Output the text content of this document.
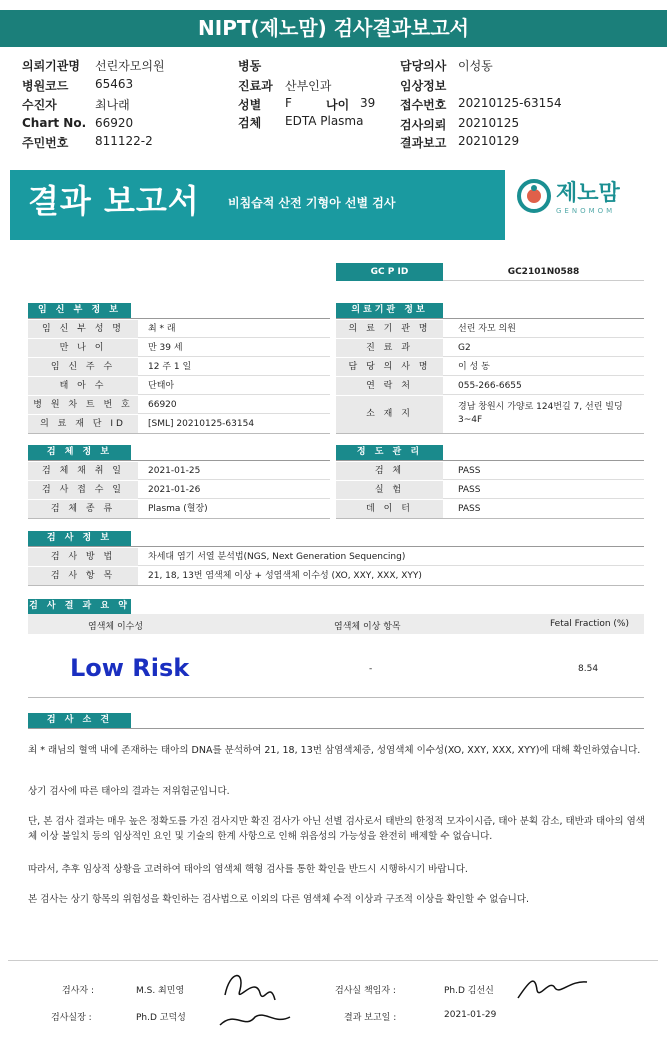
NIPT(제노맘) 검사결과보고서
의뢰기관명 선린자모의원
병원코드 65463
수진자	최나래
Chart No. 66920
주민번호 811122-2
병동
진료과 산부인과
성별 F	나이 39
검체 EDTA Plasma
담당의사 이성동
임상정보
접수번호 20210125-63154
검사의뢰 20210125
결과보고 20210129
결과 보고서 비침습적 산전 기형아 선별 검사	제노맘
GENOMOM
GC P ID	GC2101N0588
임 신 부 정 보
임 신 부 성 명	최 * 래
만 나 이	만 39 세
임 신 주 수	12 주 1 일
태 아 수	단태아
병 원 차 트 번 호	66920
의 료 재 단 ID	[SML] 20210125-63154
의료기관 정보
의 료 기 관 명	선린 자모 의원
진 료 과	G2
담 당 의 사 명	이 성 동
연 락 처	055-266-6655
소 재 지
경남 창원시 가양로 124번길 7, 선린 빌딩 3~4F
검 체 정 보
검 체 채 취 일	2021-01-25
검 사 접 수 일	2021-01-26
검 체 종 류	Plasma (혈장)
정 도 관 리
검 체	PASS
실 험	PASS
데 이 터	PASS
검 사 정 보
검 사 방 법	차세대 염기 서열 분석법(NGS, Next Generation Sequencing)
검 사 항 목	21, 18, 13번 염색체 이상 + 성염색체 이수성 (XO, XXY, XXX, XYY)
검 사 결 과 요 약
염색체 이수성	염색체 이상 항목	Fetal Fraction (%)
Low Risk	-	8.54
검 사 소 견
최 * 래님의 혈액 내에 존재하는 태아의 DNA를 분석하여 21, 18, 13번 삼염색체증, 성염색체 이수성(XO, XXY, XXX, XYY)에 대해 확인하였습니다.
상기 검사에 따른 태아의 결과는 저위험군입니다.
단, 본 검사 결과는 매우 높은 정확도를 가진 검사지만 확진 검사가 아닌 선별 검사로서 태반의 한정적 모자이시즘, 태아 분획 감소, 태반과 태아의 염색체 이상 불일치 등의 임상적인 요인 및 기술의 한계 사항으로 인해 위음성의 가능성을 완전히 배제할 수 없습니다.
따라서, 추후 임상적 상황을 고려하여 태아의 염색체 핵형 검사를 통한 확인을 반드시 시행하시기 바랍니다.
본 검사는 상기 항목의 위험성을 확인하는 검사법으로 이외의 다른 염색체 수적 이상과 구조적 이상을 확인할 수 없습니다.
검사자 :	M.S. 최민영	검사실 책임자 :	Ph.D 김선신
검사실장 :	Ph.D 고덕성	결과 보고일 :	2021-01-29
